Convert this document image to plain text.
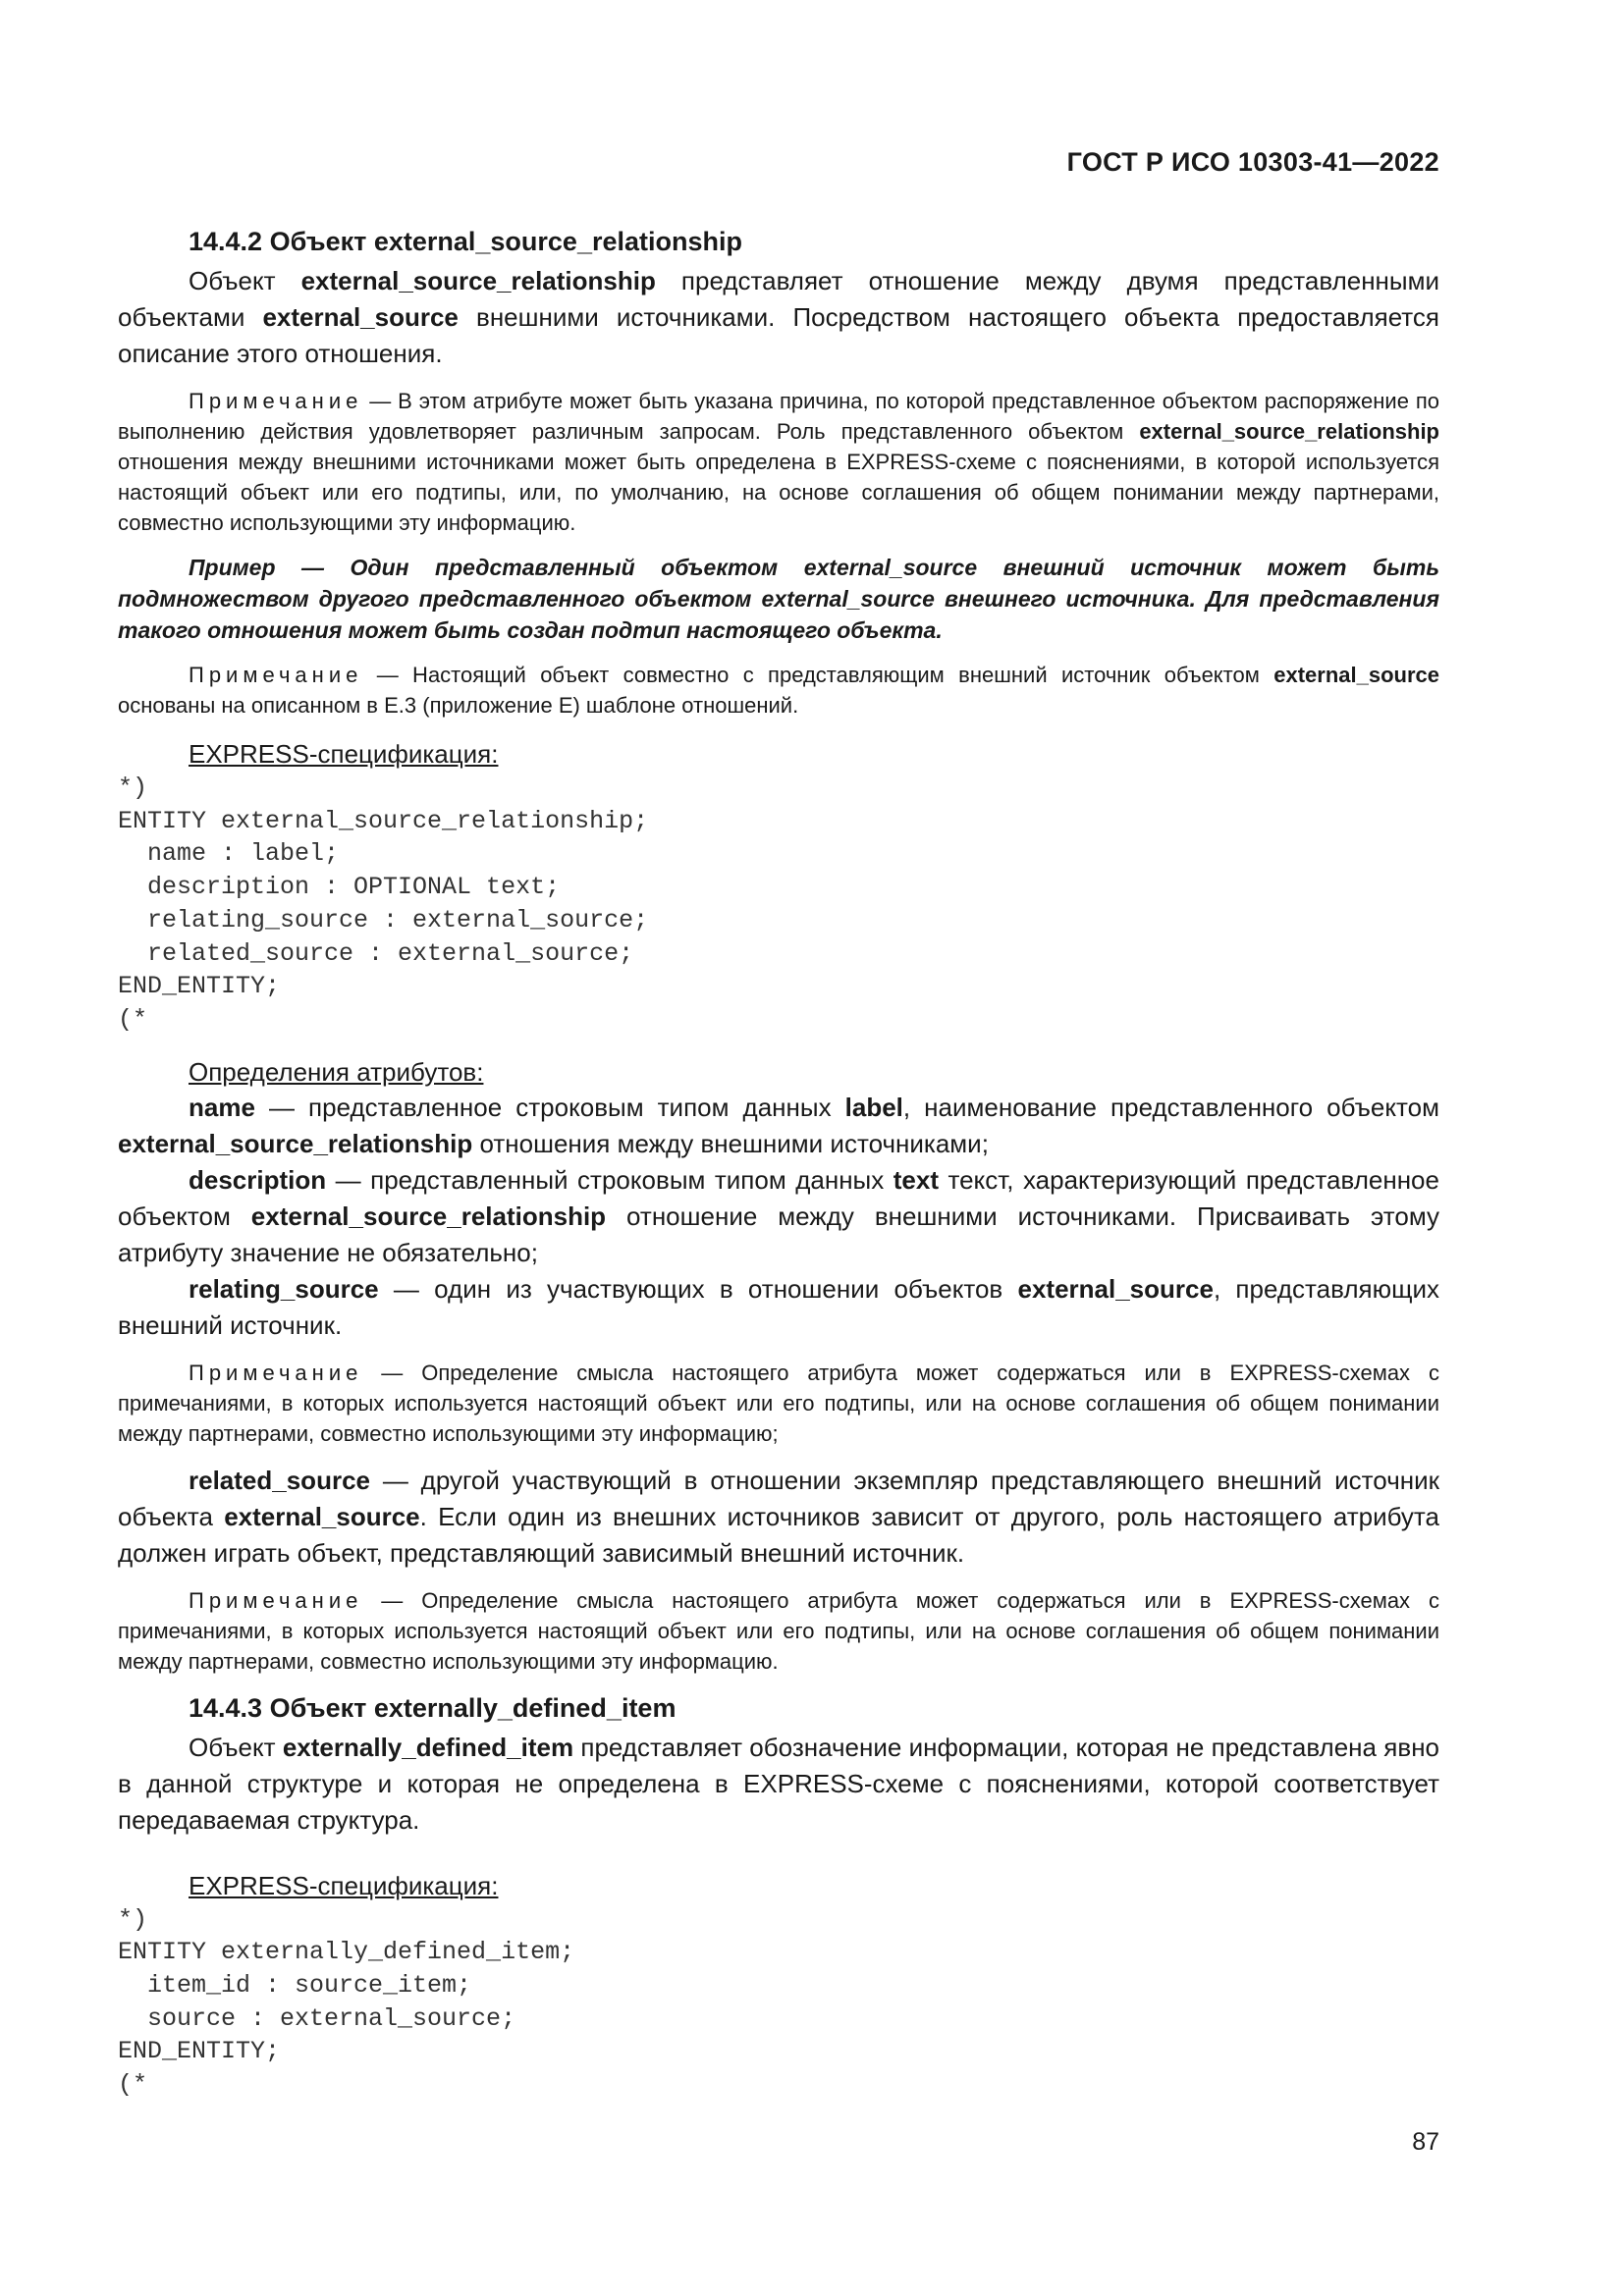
ГОСТ Р ИСО 10303-41—2022
14.4.2 Объект external_source_relationship

Объект external_source_relationship представляет отношение между двумя представленными объектами external_source внешними источниками. Посредством настоящего объекта предоставляется описание этого отношения.

Примечание — В этом атрибуте может быть указана причина, по которой представленное объектом распоряжение по выполнению действия удовлетворяет различным запросам. Роль представленного объектом external_source_relationship отношения между внешними источниками может быть определена в EXPRESS-схеме с пояснениями, в которой используется настоящий объект или его подтипы, или, по умолчанию, на основе соглашения об общем понимании между партнерами, совместно использующими эту информацию.

Пример — Один представленный объектом external_source внешний источник может быть подмножеством другого представленного объектом external_source внешнего источника. Для представления такого отношения может быть создан подтип настоящего объекта.

Примечание — Настоящий объект совместно с представляющим внешний источник объектом external_source основаны на описанном в Е.3 (приложение Е) шаблоне отношений.

EXPRESS-спецификация:
*)
ENTITY external_source_relationship;
name : label;
description : OPTIONAL text;
relating_source : external_source;
related_source : external_source;
END_ENTITY;
(*
Определения атрибутов:

name — представленное строковым типом данных label, наименование представленного объектом external_source_relationship отношения между внешними источниками;

description — представленный строковым типом данных text текст, характеризующий представленное объектом external_source_relationship отношение между внешними источниками. Присваивать этому атрибуту значение не обязательно;

relating_source — один из участвующих в отношении объектов external_source, представляющих внешний источник.

Примечание — Определение смысла настоящего атрибута может содержаться или в EXPRESS-схемах с примечаниями, в которых используется настоящий объект или его подтипы, или на основе соглашения об общем понимании между партнерами, совместно использующими эту информацию;

related_source — другой участвующий в отношении экземпляр представляющего внешний источник объекта external_source. Если один из внешних источников зависит от другого, роль настоящего атрибута должен играть объект, представляющий зависимый внешний источник.

Примечание — Определение смысла настоящего атрибута может содержаться или в EXPRESS-схемах с примечаниями, в которых используется настоящий объект или его подтипы, или на основе соглашения об общем понимании между партнерами, совместно использующими эту информацию.

14.4.3 Объект externally_defined_item

Объект externally_defined_item представляет обозначение информации, которая не представлена явно в данной структуре и которая не определена в EXPRESS-схеме с пояснениями, которой соответствует передаваемая структура.

EXPRESS-спецификация:
*)
ENTITY externally_defined_item;
item_id : source_item;
source : external_source;
END_ENTITY;
(*
87
